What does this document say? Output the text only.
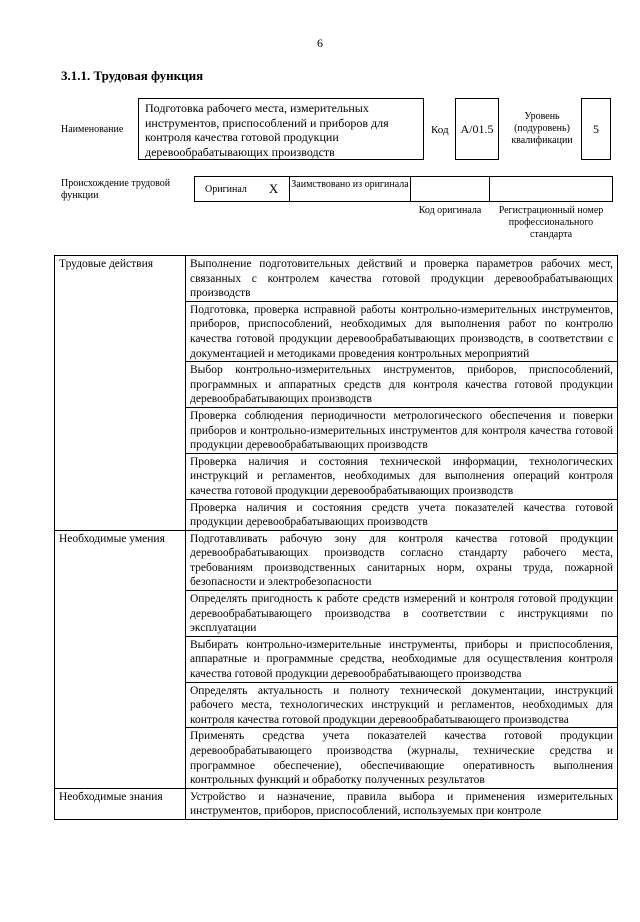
6
3.1.1. Трудовая функция
Наименование
Подготовка рабочего места, измерительных инструментов, приспособлений и приборов для контроля качества готовой продукции деревообрабатывающих производств
Код A/01.5
Уровень (подуровень) квалификации
5
Происхождение трудовой функции
Оригинал X Заимствовано из оригинала
Код оригинала	Регистрационный номер профессионального стандарта
Трудовые действия	Выполнение подготовительных действий и проверка параметров рабочих мест, связанных с контролем качества готовой продукции деревообрабатывающих производств
	Подготовка, проверка исправной работы контрольно-измерительных инструментов, приборов, приспособлений, необходимых для выполнения работ по контролю качества готовой продукции деревообрабатывающих производств, в соответствии с документацией и методиками проведения контрольных мероприятий
	Выбор контрольно-измерительных инструментов, приборов, приспособлений, программных и аппаратных средств для контроля качества готовой продукции деревообрабатывающих производств
	Проверка соблюдения периодичности метрологического обеспечения и поверки приборов и контрольно-измерительных инструментов для контроля качества готовой продукции деревообрабатывающих производств
	Проверка наличия и состояния технической информации, технологических инструкций и регламентов, необходимых для выполнения операций контроля качества готовой продукции деревообрабатывающих производств
	Проверка наличия и состояния средств учета показателей качества готовой продукции деревообрабатывающих производств
Необходимые умения	Подготавливать рабочую зону для контроля качества готовой продукции деревообрабатывающих производств согласно стандарту рабочего места, требованиям производственных санитарных норм, охраны труда, пожарной безопасности и электробезопасности
	Определять пригодность к работе средств измерений и контроля готовой продукции деревообрабатывающего производства в соответствии с инструкциями по эксплуатации
	Выбирать контрольно-измерительные инструменты, приборы и приспособления, аппаратные и программные средства, необходимые для осуществления контроля качества готовой продукции деревообрабатывающего производства
	Определять актуальность и полноту технической документации, инструкций рабочего места, технологических инструкций и регламентов, необходимых для контроля качества готовой продукции деревообрабатывающего производства
	Применять средства учета показателей качества готовой продукции деревообрабатывающего производства (журналы, технические средства и программное обеспечение), обеспечивающие оперативность выполнения контрольных функций и обработку полученных результатов
Необходимые знания	Устройство и назначение, правила выбора и применения измерительных инструментов, приборов, приспособлений, используемых при контроле
